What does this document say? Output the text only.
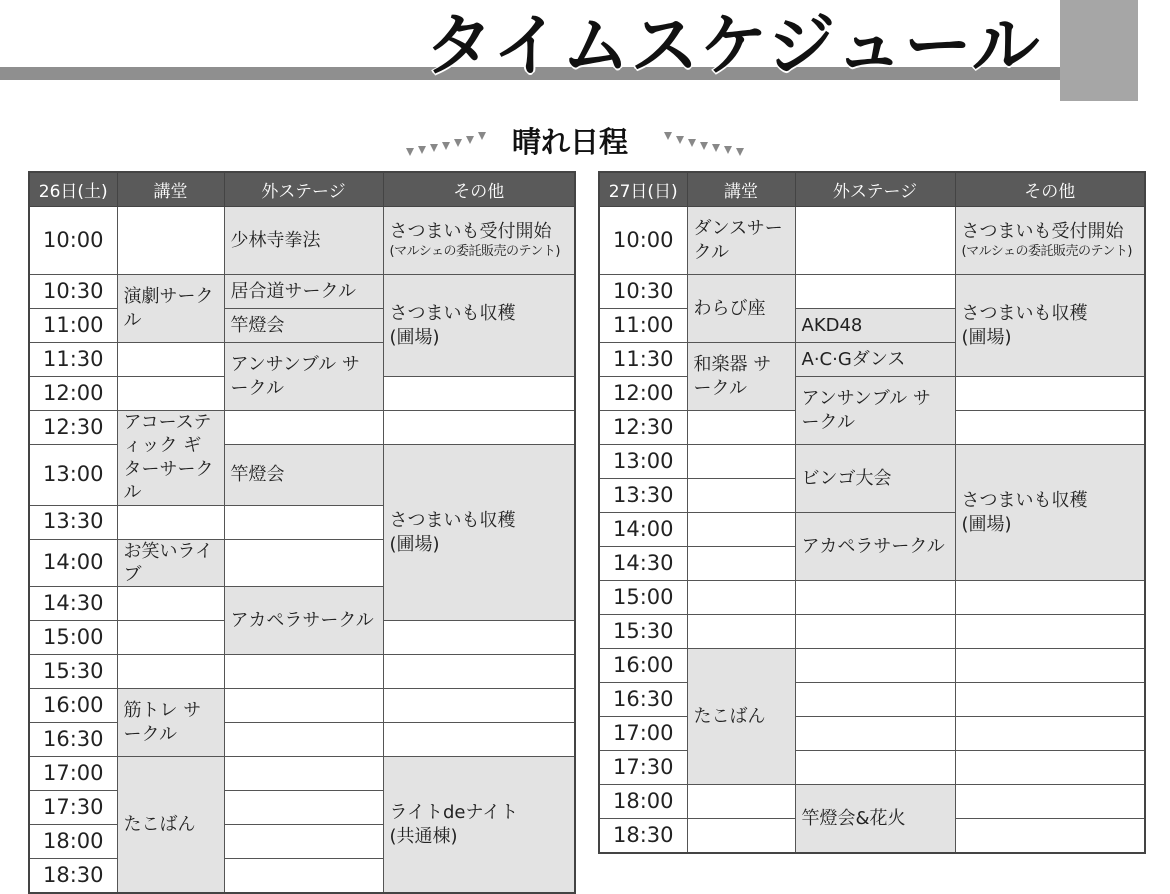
タイムスケジュール
晴れ日程
26日(土)	講堂	外ステージ	その他
10:00		少林寺拳法	さつまいも受付開始
(マルシェの委託販売のテント)

10:30	演劇サークル	居合道サークル	さつまいも収穫
(圃場)
11:00		竿燈会	
11:30		アンサンブル サークル	
12:00			
12:30	アコースティック ギターサークル		
13:00		竿燈会	さつまいも収穫
(圃場)
13:30			
14:00	お笑いライブ		
14:30		アカペラサークル	
15:00			
15:30			
16:00	筋トレ サークル		
16:30			
17:00	たこばん		ライトdeナイト
(共通棟)
17:30			
18:00			
18:30			
27日(日)	講堂	外ステージ	その他
10:00	ダンスサークル		さつまいも受付開始
(マルシェの委託販売のテント)

10:30	わらび座		さつまいも収穫
(圃場)
11:00		AKD48	
11:30	和楽器 サークル	A·C·Gダンス	
12:00		アンサンブル サークル	
12:30			
13:00		ビンゴ大会	さつまいも収穫
(圃場)
13:30			
14:00		アカペラサークル	
14:30			
15:00			
15:30			
16:00	たこばん		
16:30			
17:00			
17:30			
18:00		竿燈会&花火	
18:30			
